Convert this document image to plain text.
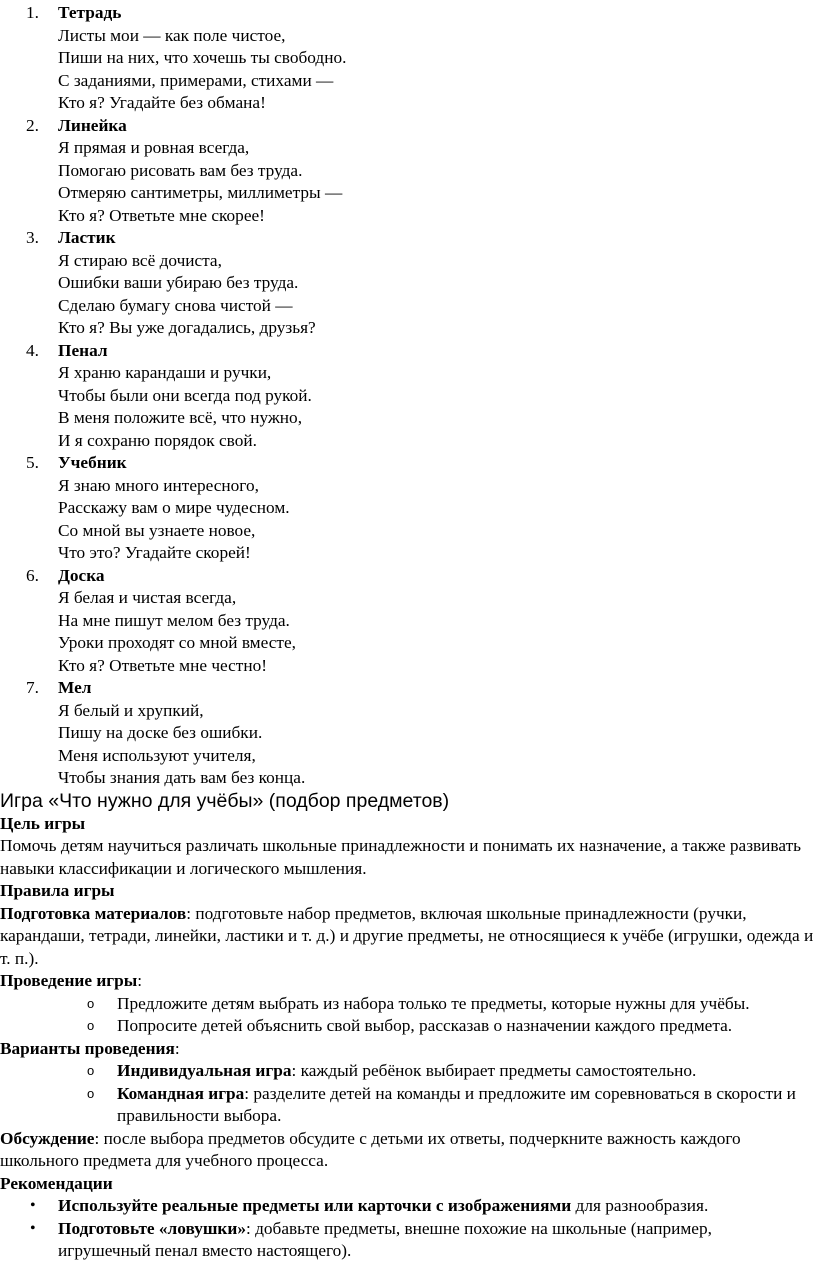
1. Тетрадь
Листы мои — как поле чистое,
Пиши на них, что хочешь ты свободно.
С заданиями, примерами, стихами —
Кто я? Угадайте без обмана!
2. Линейка
Я прямая и ровная всегда,
Помогаю рисовать вам без труда.
Отмеряю сантиметры, миллиметры —
Кто я? Ответьте мне скорее!
3. Ластик
Я стираю всё дочиста,
Ошибки ваши убираю без труда.
Сделаю бумагу снова чистой —
Кто я? Вы уже догадались, друзья?
4. Пенал
Я храню карандаши и ручки,
Чтобы были они всегда под рукой.
В меня положите всё, что нужно,
И я сохраню порядок свой.
5. Учебник
Я знаю много интересного,
Расскажу вам о мире чудесном.
Со мной вы узнаете новое,
Что это? Угадайте скорей!
6. Доска
Я белая и чистая всегда,
На мне пишут мелом без труда.
Уроки проходят со мной вместе,
Кто я? Ответьте мне честно!
7. Мел
Я белый и хрупкий,
Пишу на доске без ошибки.
Меня используют учителя,
Чтобы знания дать вам без конца.
Игра «Что нужно для учёбы» (подбор предметов)
Цель игры
Помочь детям научиться различать школьные принадлежности и понимать их назначение, а также развивать навыки классификации и логического мышления.
Правила игры
Подготовка материалов: подготовьте набор предметов, включая школьные принадлежности (ручки, карандаши, тетради, линейки, ластики и т. д.) и другие предметы, не относящиеся к учёбе (игрушки, одежда и т. п.).
Проведение игры:
o Предложите детям выбрать из набора только те предметы, которые нужны для учёбы.
o Попросите детей объяснить свой выбор, рассказав о назначении каждого предмета.
Варианты проведения:
o Индивидуальная игра: каждый ребёнок выбирает предметы самостоятельно.
o Командная игра: разделите детей на команды и предложите им соревноваться в скорости и правильности выбора.
Обсуждение: после выбора предметов обсудите с детьми их ответы, подчеркните важность каждого школьного предмета для учебного процесса.
Рекомендации
• Используйте реальные предметы или карточки с изображениями для разнообразия.
• Подготовьте «ловушки»: добавьте предметы, внешне похожие на школьные (например, игрушечный пенал вместо настоящего).
